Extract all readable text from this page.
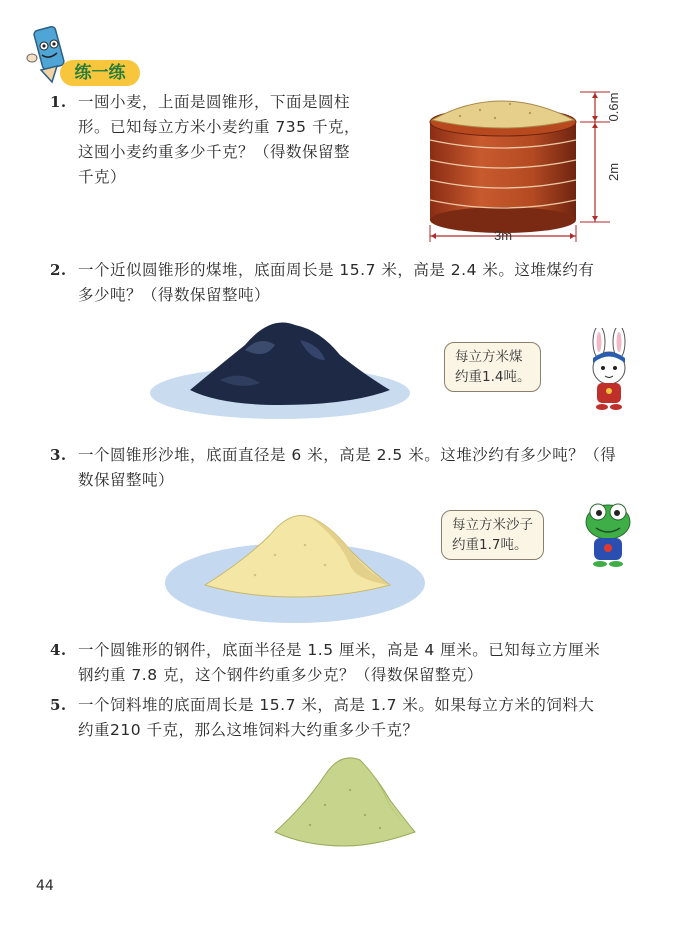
练一练
1. 一囤小麦，上面是圆锥形，下面是圆柱
形。已知每立方米小麦约重 735 千克，
这囤小麦约重多少千克？（得数保留整
千克）
0.6m
2m
3m
2. 一个近似圆锥形的煤堆，底面周长是 15.7 米，高是 2.4 米。这堆煤约有
多少吨？（得数保留整吨）
每立方米煤
约重1.4吨。
3. 一个圆锥形沙堆，底面直径是 6 米，高是 2.5 米。这堆沙约有多少吨？（得
数保留整吨）
每立方米沙子
约重1.7吨。
4. 一个圆锥形的钢件，底面半径是 1.5 厘米，高是 4 厘米。已知每立方厘米
钢约重 7.8 克，这个钢件约重多少克？（得数保留整克）
5. 一个饲料堆的底面周长是 15.7 米，高是 1.7 米。如果每立方米的饲料大
约重210 千克，那么这堆饲料大约重多少千克？
44
